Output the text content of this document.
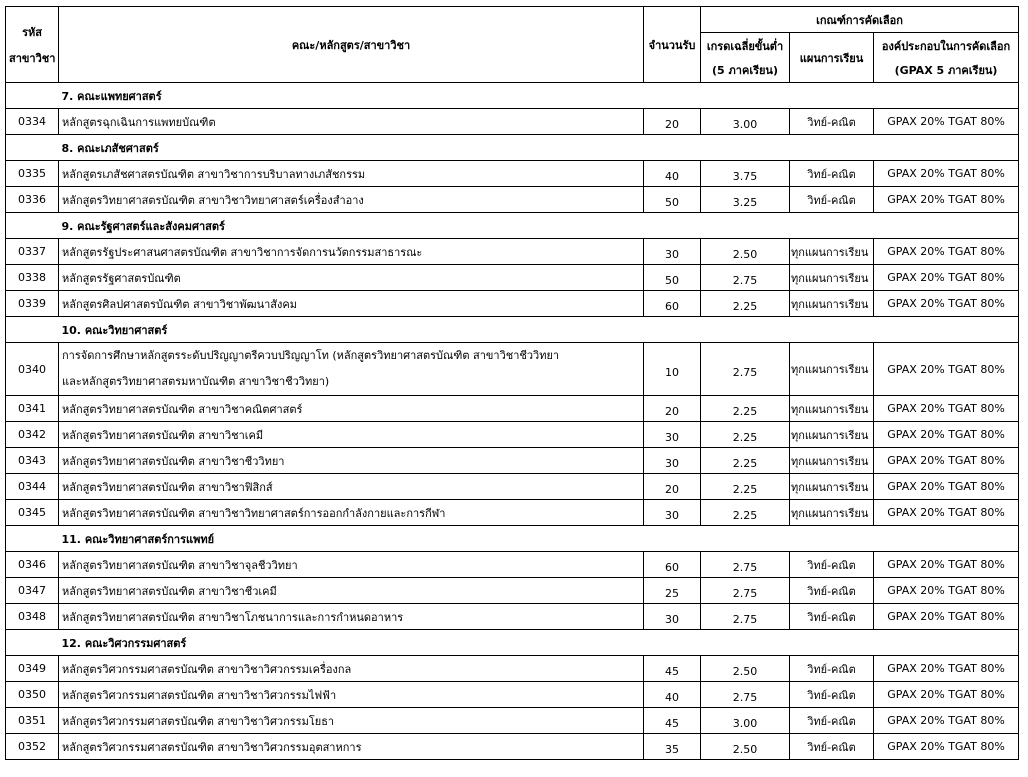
รหัส
สาขาวิชา	คณะ/หลักสูตร/สาขาวิชา	จำนวนรับ	เกณฑ์การคัดเลือก		
			เกรดเฉลี่ยขั้นต่ำ	แผนการเรียน	องค์ประกอบในการคัดเลือก
			(5 ภาคเรียน)		(GPAX 5 ภาคเรียน)
	7. คณะแพทยศาสตร์				
0334	หลักสูตรฉุกเฉินการแพทยบัณฑิต	20	3.00	วิทย์-คณิต	GPAX 20% TGAT 80%
	8. คณะเภสัชศาสตร์				
0335	หลักสูตรเภสัชศาสตรบัณฑิต สาขาวิชาการบริบาลทางเภสัชกรรม	40	3.75	วิทย์-คณิต	GPAX 20% TGAT 80%
0336	หลักสูตรวิทยาศาสตรบัณฑิต สาขาวิชาวิทยาศาสตร์เครื่องสำอาง	50	3.25	วิทย์-คณิต	GPAX 20% TGAT 80%
	9. คณะรัฐศาสตร์และสังคมศาสตร์				
0337	หลักสูตรรัฐประศาสนศาสตรบัณฑิต สาขาวิชาการจัดการนวัตกรรมสาธารณะ	30	2.50	ทุกแผนการเรียน	GPAX 20% TGAT 80%
0338	หลักสูตรรัฐศาสตรบัณฑิต	50	2.75	ทุกแผนการเรียน	GPAX 20% TGAT 80%
0339	หลักสูตรศิลปศาสตรบัณฑิต สาขาวิชาพัฒนาสังคม	60	2.25	ทุกแผนการเรียน	GPAX 20% TGAT 80%
	10. คณะวิทยาศาสตร์				
0340	การจัดการศึกษาหลักสูตรระดับปริญญาตรีควบปริญญาโท (หลักสูตรวิทยาศาสตรบัณฑิต สาขาวิชาชีววิทยา
และหลักสูตรวิทยาศาสตรมหาบัณฑิต สาขาวิชาชีววิทยา)	10	2.75	ทุกแผนการเรียน	GPAX 20% TGAT 80%
0341	หลักสูตรวิทยาศาสตรบัณฑิต สาขาวิชาคณิตศาสตร์	20	2.25	ทุกแผนการเรียน	GPAX 20% TGAT 80%
0342	หลักสูตรวิทยาศาสตรบัณฑิต สาขาวิชาเคมี	30	2.25	ทุกแผนการเรียน	GPAX 20% TGAT 80%
0343	หลักสูตรวิทยาศาสตรบัณฑิต สาขาวิชาชีววิทยา	30	2.25	ทุกแผนการเรียน	GPAX 20% TGAT 80%
0344	หลักสูตรวิทยาศาสตรบัณฑิต สาขาวิชาฟิสิกส์	20	2.25	ทุกแผนการเรียน	GPAX 20% TGAT 80%
0345	หลักสูตรวิทยาศาสตรบัณฑิต สาขาวิชาวิทยาศาสตร์การออกกำลังกายและการกีฬา	30	2.25	ทุกแผนการเรียน	GPAX 20% TGAT 80%
	11. คณะวิทยาศาสตร์การแพทย์				
0346	หลักสูตรวิทยาศาสตรบัณฑิต สาขาวิชาจุลชีววิทยา	60	2.75	วิทย์-คณิต	GPAX 20% TGAT 80%
0347	หลักสูตรวิทยาศาสตรบัณฑิต สาขาวิชาชีวเคมี	25	2.75	วิทย์-คณิต	GPAX 20% TGAT 80%
0348	หลักสูตรวิทยาศาสตรบัณฑิต สาขาวิชาโภชนาการและการกำหนดอาหาร	30	2.75	วิทย์-คณิต	GPAX 20% TGAT 80%
	12. คณะวิศวกรรมศาสตร์				
0349	หลักสูตรวิศวกรรมศาสตรบัณฑิต สาขาวิชาวิศวกรรมเครื่องกล	45	2.50	วิทย์-คณิต	GPAX 20% TGAT 80%
0350	หลักสูตรวิศวกรรมศาสตรบัณฑิต สาขาวิชาวิศวกรรมไฟฟ้า	40	2.75	วิทย์-คณิต	GPAX 20% TGAT 80%
0351	หลักสูตรวิศวกรรมศาสตรบัณฑิต สาขาวิชาวิศวกรรมโยธา	45	3.00	วิทย์-คณิต	GPAX 20% TGAT 80%
0352	หลักสูตรวิศวกรรมศาสตรบัณฑิต สาขาวิชาวิศวกรรมอุตสาหการ	35	2.50	วิทย์-คณิต	GPAX 20% TGAT 80%
